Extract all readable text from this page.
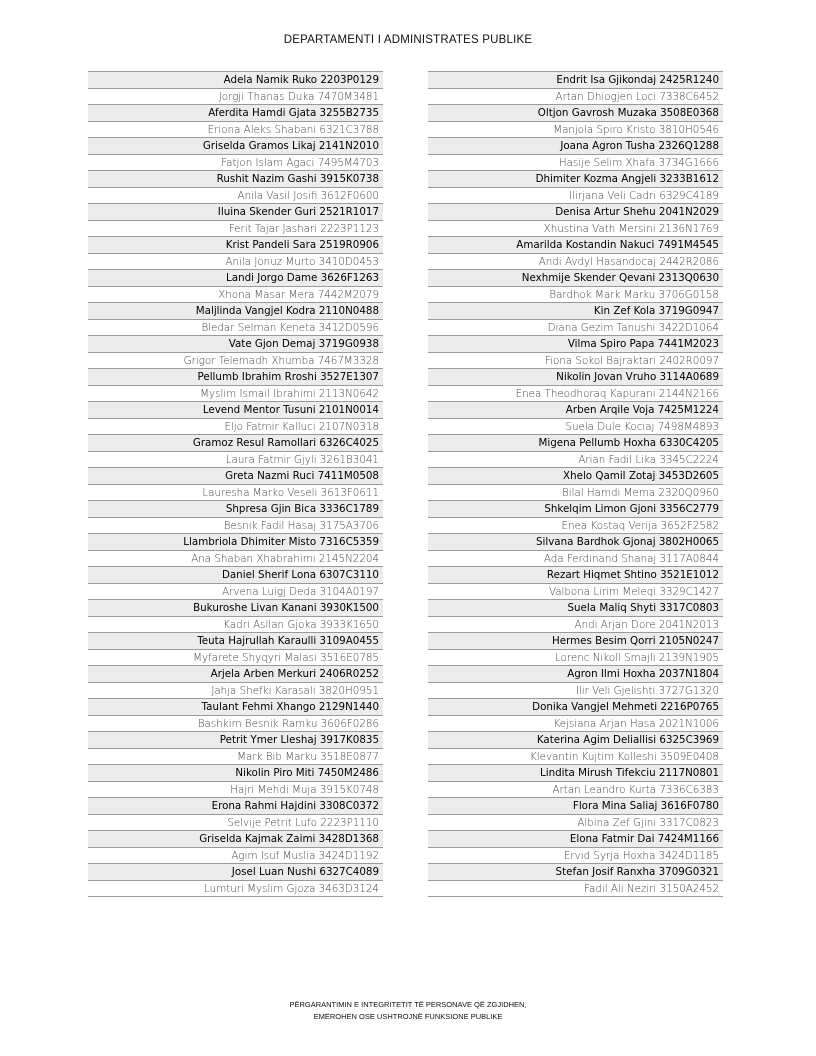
DEPARTAMENTI I ADMINISTRATES PUBLIKE
Adela Namik Ruko 2203P0129
Jorgji Thanas Duka 7470M3481
Aferdita Hamdi Gjata 3255B2735
Eriona Aleks Shabani 6321C3788
Griselda Gramos Likaj 2141N2010
Fatjon Islam Agaci 7495M4703
Rushit Nazim Gashi 3915K0738
Anila Vasil Josifi 3612F0600
Iluina Skender Guri 2521R1017
Ferit Tajar Jashari 2223P1123
Krist Pandeli Sara 2519R0906
Anila Jonuz Murto 3410D0453
Landi Jorgo Dame 3626F1263
Xhona Masar Mera 7442M2079
Maljlinda Vangjel Kodra 2110N0488
Bledar Selman Keneta 3412D0596
Vate Gjon Demaj 3719G0938
Grigor Telemadh Xhumba 7467M3328
Pellumb Ibrahim Rroshi 3527E1307
Myslim Ismail Ibrahimi 2113N0642
Levend Mentor Tusuni 2101N0014
Eljo Fatmir Kalluci 2107N0318
Gramoz Resul Ramollari 6326C4025
Laura Fatmir Gjyli 3261B3041
Greta Nazmi Ruci 7411M0508
Lauresha Marko Veseli 3613F0611
Shpresa Gjin Bica 3336C1789
Besnik Fadil Hasaj 3175A3706
Llambriola Dhimiter Misto 7316C5359
Ana Shaban Xhabrahimi 2145N2204
Daniel Sherif Lona 6307C3110
Arvena Luigj Deda 3104A0197
Bukuroshe Livan Kanani 3930K1500
Kadri Asllan Gjoka 3933K1650
Teuta Hajrullah Karaulli 3109A0455
Myfarete Shyqyri Malasi 3516E0785
Arjela Arben Merkuri 2406R0252
Jahja Shefki Karasali 3820H0951
Taulant Fehmi Xhango 2129N1440
Bashkim Besnik Ramku 3606F0286
Petrit Ymer Lleshaj 3917K0835
Mark Bib Marku 3518E0877
Nikolin Piro Miti 7450M2486
Hajri Mehdi Muja 3915K0748
Erona Rahmi Hajdini 3308C0372
Selvije Petrit Lufo 2223P1110
Griselda Kajmak Zaimi 3428D1368
Agim Isuf Muslia 3424D1192
Josel Luan Nushi 6327C4089
Lumturi Myslim Gjoza 3463D3124
Endrit Isa Gjikondaj 2425R1240
Artan Dhiogjen Loci 7338C6452
Oltjon Gavrosh Muzaka 3508E0368
Manjola Spiro Kristo 3810H0546
Joana Agron Tusha 2326Q1288
Hasije Selim Xhafa 3734G1666
Dhimiter Kozma Angjeli 3233B1612
Ilirjana Veli Cadri 6329C4189
Denisa Artur Shehu 2041N2029
Xhustina Vath Mersini 2136N1769
Amarilda Kostandin Nakuci 7491M4545
Andi Avdyl Hasandocaj 2442R2086
Nexhmije Skender Qevani 2313Q0630
Bardhok Mark Marku 3706G0158
Kin Zef Kola 3719G0947
Diana Gezim Tanushi 3422D1064
Vilma Spiro Papa 7441M2023
Fiona Sokol Bajraktari 2402R0097
Nikolin Jovan Vruho 3114A0689
Enea Theodhoraq Kapurani 2144N2166
Arben Arqile Voja 7425M1224
Suela Dule Kociaj 7498M4893
Migena Pellumb Hoxha 6330C4205
Arian Fadil Lika 3345C2224
Xhelo Qamil Zotaj 3453D2605
Bilal Hamdi Mema 2320Q0960
Shkelqim Limon Gjoni 3356C2779
Enea Kostaq Verija 3652F2582
Silvana Bardhok Gjonaj 3802H0065
Ada Ferdinand Shanaj 3117A0844
Rezart Hiqmet Shtino 3521E1012
Valbona Lirim Meleqi 3329C1427
Suela Maliq Shyti 3317C0803
Andi Arjan Dore 2041N2013
Hermes Besim Qorri 2105N0247
Lorenc Nikoll Smajli 2139N1905
Agron Ilmi Hoxha 2037N1804
Ilir Veli Gjelishti 3727G1320
Donika Vangjel Mehmeti 2216P0765
Kejsiana Arjan Hasa 2021N1006
Katerina Agim Deliallisi 6325C3969
Klevantin Kujtim Kolleshi 3509E0408
Lindita Mirush Tifekciu 2117N0801
Artan Leandro Kurta 7336C6383
Flora Mina Saliaj 3616F0780
Albina Zef Gjini 3317C0823
Elona Fatmir Dai 7424M1166
Ervid Syrja Hoxha 3424D1185
Stefan Josif Ranxha 3709G0321
Fadil Ali Neziri 3150A2452
PËRGARANTIMIN E INTEGRITETIT TË PERSONAVE QË ZGJIDHEN,
EMËROHEN OSE USHTROJNË FUNKSIONE PUBLIKE
